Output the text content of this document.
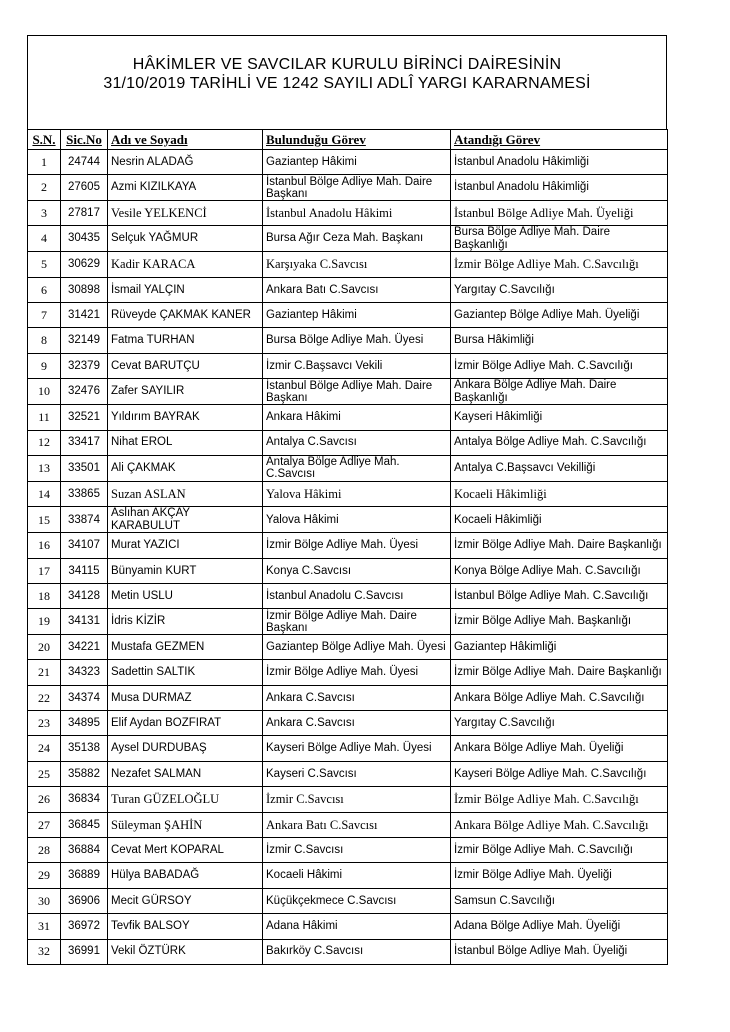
HÂKİMLER VE SAVCILAR KURULU BİRİNCİ DAİRESİNİN
31/10/2019 TARİHLİ VE 1242 SAYILI ADLÎ YARGI KARARNAMESİ
S.N.	Sic.No	Adı ve Soyadı	Bulunduğu Görev	Atandığı Görev
1	24744	Nesrin ALADAĞ	Gaziantep Hâkimi	İstanbul Anadolu Hâkimliği
2	27605	Azmi KIZILKAYA	İstanbul Bölge Adliye Mah. Daire Başkanı	İstanbul Anadolu Hâkimliği
3	27817	Vesile YELKENCİ	İstanbul Anadolu Hâkimi	İstanbul Bölge Adliye Mah. Üyeliği
4	30435	Selçuk YAĞMUR	Bursa Ağır Ceza Mah. Başkanı	Bursa Bölge Adliye Mah. Daire Başkanlığı
5	30629	Kadir KARACA	Karşıyaka C.Savcısı	İzmir Bölge Adliye Mah. C.Savcılığı
6	30898	İsmail YALÇIN	Ankara Batı C.Savcısı	Yargıtay C.Savcılığı
7	31421	Rüveyde ÇAKMAK KANER	Gaziantep Hâkimi	Gaziantep Bölge Adliye Mah. Üyeliği
8	32149	Fatma TURHAN	Bursa Bölge Adliye Mah. Üyesi	Bursa Hâkimliği
9	32379	Cevat BARUTÇU	İzmir C.Başsavcı Vekili	İzmir Bölge Adliye Mah. C.Savcılığı
10	32476	Zafer SAYILIR	İstanbul Bölge Adliye Mah. Daire Başkanı	Ankara Bölge Adliye Mah. Daire Başkanlığı
11	32521	Yıldırım BAYRAK	Ankara Hâkimi	Kayseri Hâkimliği
12	33417	Nihat EROL	Antalya C.Savcısı	Antalya Bölge Adliye Mah. C.Savcılığı
13	33501	Ali ÇAKMAK	Antalya Bölge Adliye Mah. C.Savcısı	Antalya C.Başsavcı Vekilliği
14	33865	Suzan ASLAN	Yalova Hâkimi	Kocaeli Hâkimliği
15	33874	Aslıhan AKÇAY KARABULUT	Yalova Hâkimi	Kocaeli Hâkimliği
16	34107	Murat YAZICI	İzmir Bölge Adliye Mah. Üyesi	İzmir Bölge Adliye Mah. Daire Başkanlığı
17	34115	Bünyamin KURT	Konya C.Savcısı	Konya Bölge Adliye Mah. C.Savcılığı
18	34128	Metin USLU	İstanbul Anadolu C.Savcısı	İstanbul Bölge Adliye Mah. C.Savcılığı
19	34131	İdris KİZİR	İzmir Bölge Adliye Mah. Daire Başkanı	İzmir Bölge Adliye Mah. Başkanlığı
20	34221	Mustafa GEZMEN	Gaziantep Bölge Adliye Mah. Üyesi	Gaziantep Hâkimliği
21	34323	Sadettin SALTIK	İzmir Bölge Adliye Mah. Üyesi	İzmir Bölge Adliye Mah. Daire Başkanlığı
22	34374	Musa DURMAZ	Ankara C.Savcısı	Ankara Bölge Adliye Mah. C.Savcılığı
23	34895	Elif Aydan BOZFIRAT	Ankara C.Savcısı	Yargıtay C.Savcılığı
24	35138	Aysel DURDUBAŞ	Kayseri Bölge Adliye Mah. Üyesi	Ankara Bölge Adliye Mah. Üyeliği
25	35882	Nezafet SALMAN	Kayseri C.Savcısı	Kayseri Bölge Adliye Mah. C.Savcılığı
26	36834	Turan GÜZELOĞLU	İzmir C.Savcısı	İzmir Bölge Adliye Mah. C.Savcılığı
27	36845	Süleyman ŞAHİN	Ankara Batı C.Savcısı	Ankara Bölge Adliye Mah. C.Savcılığı
28	36884	Cevat Mert KOPARAL	İzmir C.Savcısı	İzmir Bölge Adliye Mah. C.Savcılığı
29	36889	Hülya BABADAĞ	Kocaeli Hâkimi	İzmir Bölge Adliye Mah. Üyeliği
30	36906	Mecit GÜRSOY	Küçükçekmece C.Savcısı	Samsun C.Savcılığı
31	36972	Tevfik BALSOY	Adana Hâkimi	Adana Bölge Adliye Mah. Üyeliği
32	36991	Vekil ÖZTÜRK	Bakırköy C.Savcısı	İstanbul Bölge Adliye Mah. Üyeliği
